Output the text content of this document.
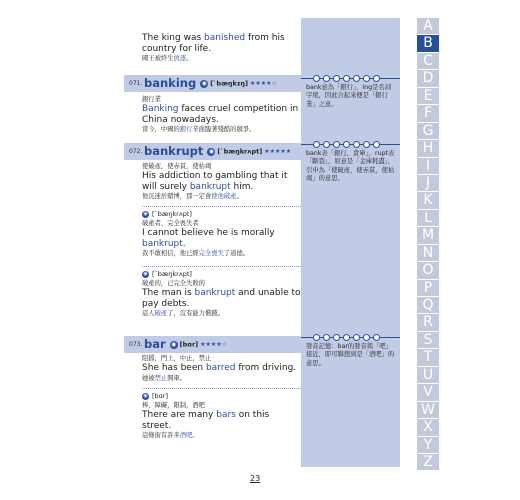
The king was banished from his country for life.
國王被終生放逐。
071. banking ◉ [ˋbæŋkɪŋ] ★★★★☆
銀行業
Banking faces cruel competition in China nowadays.
當今，中國的銀行業面臨著殘酷的競爭。
072. bankrupt ◉ [ˋbæŋkrʌpt] ★★★★★
使破產，使赤貧，使枯竭
His addiction to gambling that it will surely bankrupt him.
他沉迷於賭博，那一定會使他破產。
◉ [ˋbæŋkrʌpt]
破產者，完全喪失者
I cannot believe he is morally bankrupt.
我不敢相信，他已經完全喪失了道德。
◉ [ˋbæŋkrʌpt]
破產的，已完全失敗的
The man is bankrupt and unable to pay debts.
這人破產了，沒有能力償錢。
073. bar ◉ [bɑr] ★★★★☆
阻擋，門上，中止，禁止
She has been barred from driving.
她被禁止開車。
◉ [bɑr]
棒，障礙，限制，酒吧
There are many bars on this street.
這條街有許多酒吧。
bank意為「銀行」，ing是名詞字尾，因此合起來便是「銀行業」之意。
bank表「銀行，倉庫」，rupt表「斷裂」，原意是「金庫耗盡」，引申為「使破產，使赤貧，使枯竭」的意思。
發音記憶：bar的發音與「吧」接近，即可聯想到是「酒吧」的意思。
A
B
C
D
E
F
G
H
I
J
K
L
M
N
O
P
Q
R
S
T
U
V
W
X
Y
Z
23
